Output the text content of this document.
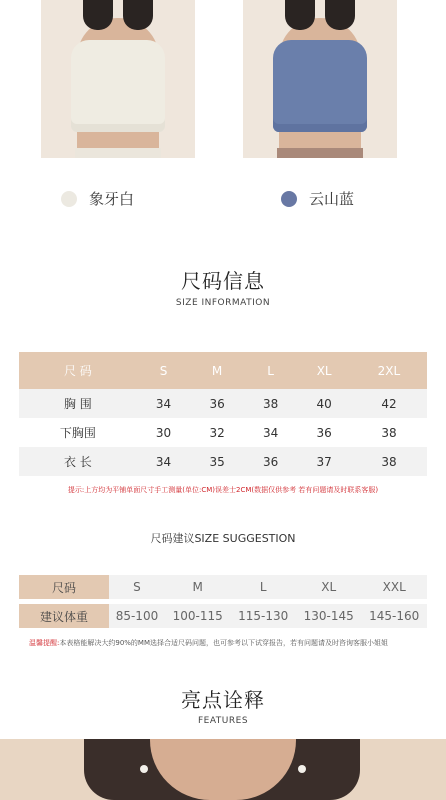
象牙白	云山蓝
尺码信息
SIZE INFORMATION
尺 码	S	M	L	XL	2XL
胸 围	34	36	38	40	42
下胸围	30	32	34	36	38
衣 长	34	35	36	37	38
提示:上方均为平铺单面尺寸手工测量(单位:CM)误差士2CM(数据仅供参考 若有问题请及时联系客服)
尺码建议SIZE SUGGESTION
尺码	S	M	L	XL	XXL
建议体重	85-100	100-115	115-130	130-145	145-160
温馨提醒:本表格能解决大约90%的MM选择合适尺码问题，也可参考以下试穿报告，若有问题请及时咨询客服小姐姐
亮点诠释
FEATURES
